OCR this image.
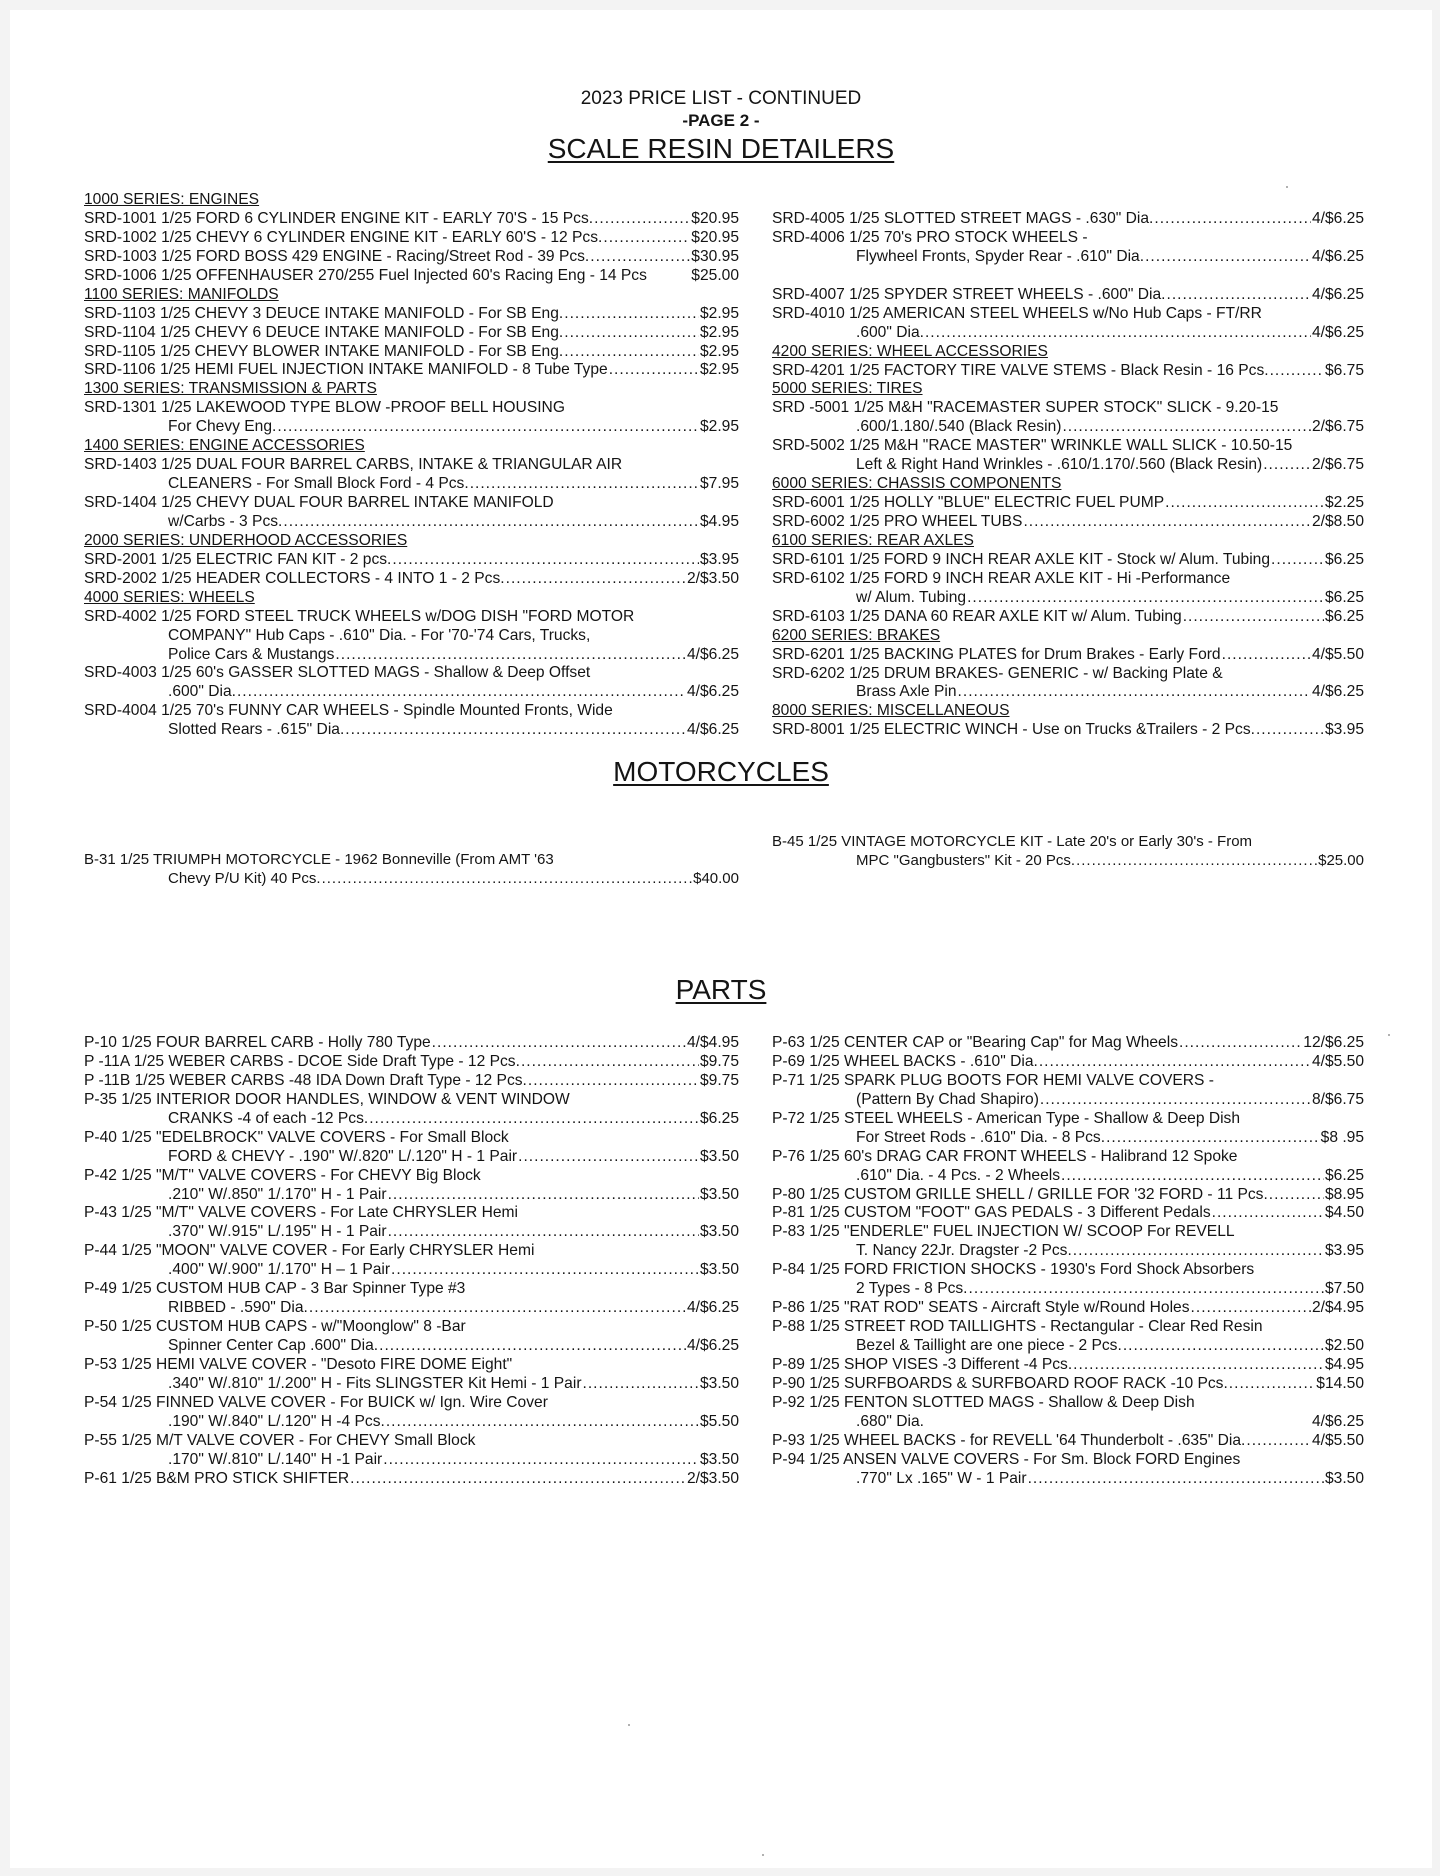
2023 PRICE LIST - CONTINUED
-PAGE 2 -
SCALE RESIN DETAILERS
1000 SERIES: ENGINES
SRD-1001 1/25 FORD 6 CYLINDER ENGINE KIT - EARLY 70'S - 15 Pcs. .....	$20.95
SRD-1002 1/25 CHEVY 6 CYLINDER ENGINE KIT - EARLY 60'S - 12 Pcs. .....	$20.95
SRD-1003 1/25 FORD BOSS 429 ENGINE - Racing/Street Rod - 39 Pcs. .....	$30.95
SRD-1006 1/25 OFFENHAUSER 270/255 Fuel Injected 60's Racing Eng - 14 Pcs	$25.00
1100 SERIES: MANIFOLDS
SRD-1103 1/25 CHEVY 3 DEUCE INTAKE MANIFOLD - For SB Eng. .....	$2.95
SRD-1104 1/25 CHEVY 6 DEUCE INTAKE MANIFOLD - For SB Eng. .....	$2.95
SRD-1105 1/25 CHEVY BLOWER INTAKE MANIFOLD - For SB Eng. .....	$2.95
SRD-1106 1/25 HEMI FUEL INJECTION INTAKE MANIFOLD - 8 Tube Type .....	$2.95
1300 SERIES: TRANSMISSION & PARTS
SRD-1301 1/25 LAKEWOOD TYPE BLOW -PROOF BELL HOUSING
For Chevy Eng. .....	$2.95
1400 SERIES: ENGINE ACCESSORIES
SRD-1403 1/25 DUAL FOUR BARREL CARBS, INTAKE & TRIANGULAR AIR
CLEANERS - For Small Block Ford - 4 Pcs. .....	$7.95
SRD-1404 1/25 CHEVY DUAL FOUR BARREL INTAKE MANIFOLD
w/Carbs - 3 Pcs. .....	$4.95
2000 SERIES: UNDERHOOD ACCESSORIES
SRD-2001 1/25 ELECTRIC FAN KIT - 2 pcs. .....	$3.95
SRD-2002 1/25 HEADER COLLECTORS - 4 INTO 1 - 2 Pcs. .....	2/$3.50
4000 SERIES: WHEELS
SRD-4002 1/25 FORD STEEL TRUCK WHEELS w/DOG DISH "FORD MOTOR
COMPANY" Hub Caps - .610" Dia. - For '70-'74 Cars, Trucks,
Police Cars & Mustangs .....	4/$6.25
SRD-4003 1/25 60's GASSER SLOTTED MAGS - Shallow & Deep Offset
.600" Dia. .....	4/$6.25
SRD-4004 1/25 70's FUNNY CAR WHEELS - Spindle Mounted Fronts, Wide
Slotted Rears - .615" Dia. .....	4/$6.25
SRD-4005 1/25 SLOTTED STREET MAGS - .630" Dia. .....	4/$6.25
SRD-4006 1/25 70's PRO STOCK WHEELS -
Flywheel Fronts, Spyder Rear - .610" Dia. .....	4/$6.25
SRD-4007 1/25 SPYDER STREET WHEELS - .600" Dia. .....	4/$6.25
SRD-4010 1/25 AMERICAN STEEL WHEELS w/No Hub Caps - FT/RR
.600" Dia. .....	4/$6.25
4200 SERIES: WHEEL ACCESSORIES
SRD-4201 1/25 FACTORY TIRE VALVE STEMS - Black Resin - 16 Pcs. .....	$6.75
5000 SERIES: TIRES
SRD -5001 1/25 M&H "RACEMASTER SUPER STOCK" SLICK - 9.20-15
.600/1.180/.540 (Black Resin) .....	2/$6.75
SRD-5002 1/25 M&H "RACE MASTER" WRINKLE WALL SLICK - 10.50-15
Left & Right Hand Wrinkles - .610/1.170/.560 (Black Resin) .....	2/$6.75
6000 SERIES: CHASSIS COMPONENTS
SRD-6001 1/25 HOLLY "BLUE" ELECTRIC FUEL PUMP .....	$2.25
SRD-6002 1/25 PRO WHEEL TUBS .....	2/$8.50
6100 SERIES: REAR AXLES
SRD-6101 1/25 FORD 9 INCH REAR AXLE KIT - Stock w/ Alum. Tubing .....	$6.25
SRD-6102 1/25 FORD 9 INCH REAR AXLE KIT - Hi -Performance
w/ Alum. Tubing .....	$6.25
SRD-6103 1/25 DANA 60 REAR AXLE KIT w/ Alum. Tubing .....	$6.25
6200 SERIES: BRAKES
SRD-6201 1/25 BACKING PLATES for Drum Brakes - Early Ford .....	4/$5.50
SRD-6202 1/25 DRUM BRAKES- GENERIC - w/ Backing Plate &
Brass Axle Pin .....	4/$6.25
8000 SERIES: MISCELLANEOUS
SRD-8001 1/25 ELECTRIC WINCH - Use on Trucks &Trailers - 2 Pcs. .....	$3.95
MOTORCYCLES
B-31 1/25 TRIUMPH MOTORCYCLE - 1962 Bonneville (From AMT '63
Chevy P/U Kit) 40 Pcs. .....	$40.00
B-45 1/25 VINTAGE MOTORCYCLE KIT - Late 20's or Early 30's - From
MPC "Gangbusters" Kit - 20 Pcs. .....	$25.00
PARTS
P-10 1/25 FOUR BARREL CARB - Holly 780 Type .....	4/$4.95
P -11A 1/25 WEBER CARBS - DCOE Side Draft Type - 12 Pcs. .....	$9.75
P -11B 1/25 WEBER CARBS -48 IDA Down Draft Type - 12 Pcs. .....	$9.75
P-35 1/25 INTERIOR DOOR HANDLES, WINDOW & VENT WINDOW
CRANKS -4 of each -12 Pcs. .....	$6.25
P-40 1/25 "EDELBROCK" VALVE COVERS - For Small Block
FORD & CHEVY - .190" W/.820" L/.120" H - 1 Pair .....	$3.50
P-42 1/25 "M/T" VALVE COVERS - For CHEVY Big Block
.210" W/.850" 1/.170" H - 1 Pair .....	$3.50
P-43 1/25 "M/T" VALVE COVERS - For Late CHRYSLER Hemi
.370" W/.915" L/.195" H - 1 Pair .....	$3.50
P-44 1/25 "MOON" VALVE COVER - For Early CHRYSLER Hemi
.400" W/.900" 1/.170" H – 1 Pair .....	$3.50
P-49 1/25 CUSTOM HUB CAP - 3 Bar Spinner Type #3
RIBBED - .590" Dia. .....	4/$6.25
P-50 1/25 CUSTOM HUB CAPS - w/"Moonglow" 8 -Bar
Spinner Center Cap .600" Dia. .....	4/$6.25
P-53 1/25 HEMI VALVE COVER - "Desoto FIRE DOME Eight"
.340" W/.810" 1/.200" H - Fits SLINGSTER Kit Hemi - 1 Pair .....	$3.50
P-54 1/25 FINNED VALVE COVER - For BUICK w/ Ign. Wire Cover
.190" W/.840" L/.120" H -4 Pcs. .....	$5.50
P-55 1/25 M/T VALVE COVER - For CHEVY Small Block
.170" W/.810" L/.140" H -1 Pair .....	$3.50
P-61 1/25 B&M PRO STICK SHIFTER .....	2/$3.50
P-63 1/25 CENTER CAP or "Bearing Cap" for Mag Wheels .....	12/$6.25
P-69 1/25 WHEEL BACKS - .610" Dia. .....	4/$5.50
P-71 1/25 SPARK PLUG BOOTS FOR HEMI VALVE COVERS -
(Pattern By Chad Shapiro) .....	8/$6.75
P-72 1/25 STEEL WHEELS - American Type - Shallow & Deep Dish
For Street Rods - .610" Dia. - 8 Pcs. .....	$8 .95
P-76 1/25 60's DRAG CAR FRONT WHEELS - Halibrand 12 Spoke
.610" Dia. - 4 Pcs. - 2 Wheels .....	$6.25
P-80 1/25 CUSTOM GRILLE SHELL / GRILLE FOR '32 FORD - 11 Pcs. .....	$8.95
P-81 1/25 CUSTOM "FOOT" GAS PEDALS - 3 Different Pedals .....	$4.50
P-83 1/25 "ENDERLE" FUEL INJECTION W/ SCOOP For REVELL
T. Nancy 22Jr. Dragster -2 Pcs. .....	$3.95
P-84 1/25 FORD FRICTION SHOCKS - 1930's Ford Shock Absorbers
2 Types - 8 Pcs. .....	$7.50
P-86 1/25 "RAT ROD" SEATS - Aircraft Style w/Round Holes .....	2/$4.95
P-88 1/25 STREET ROD TAILLIGHTS - Rectangular - Clear Red Resin
Bezel & Taillight are one piece - 2 Pcs. .....	$2.50
P-89 1/25 SHOP VISES -3 Different -4 Pcs. .....	$4.95
P-90 1/25 SURFBOARDS & SURFBOARD ROOF RACK -10 Pcs. .....	$14.50
P-92 1/25 FENTON SLOTTED MAGS - Shallow & Deep Dish
.680" Dia.	4/$6.25
P-93 1/25 WHEEL BACKS - for REVELL '64 Thunderbolt - .635" Dia. .....	4/$5.50
P-94 1/25 ANSEN VALVE COVERS - For Sm. Block FORD Engines
.770" Lx .165" W - 1 Pair .....	$3.50
